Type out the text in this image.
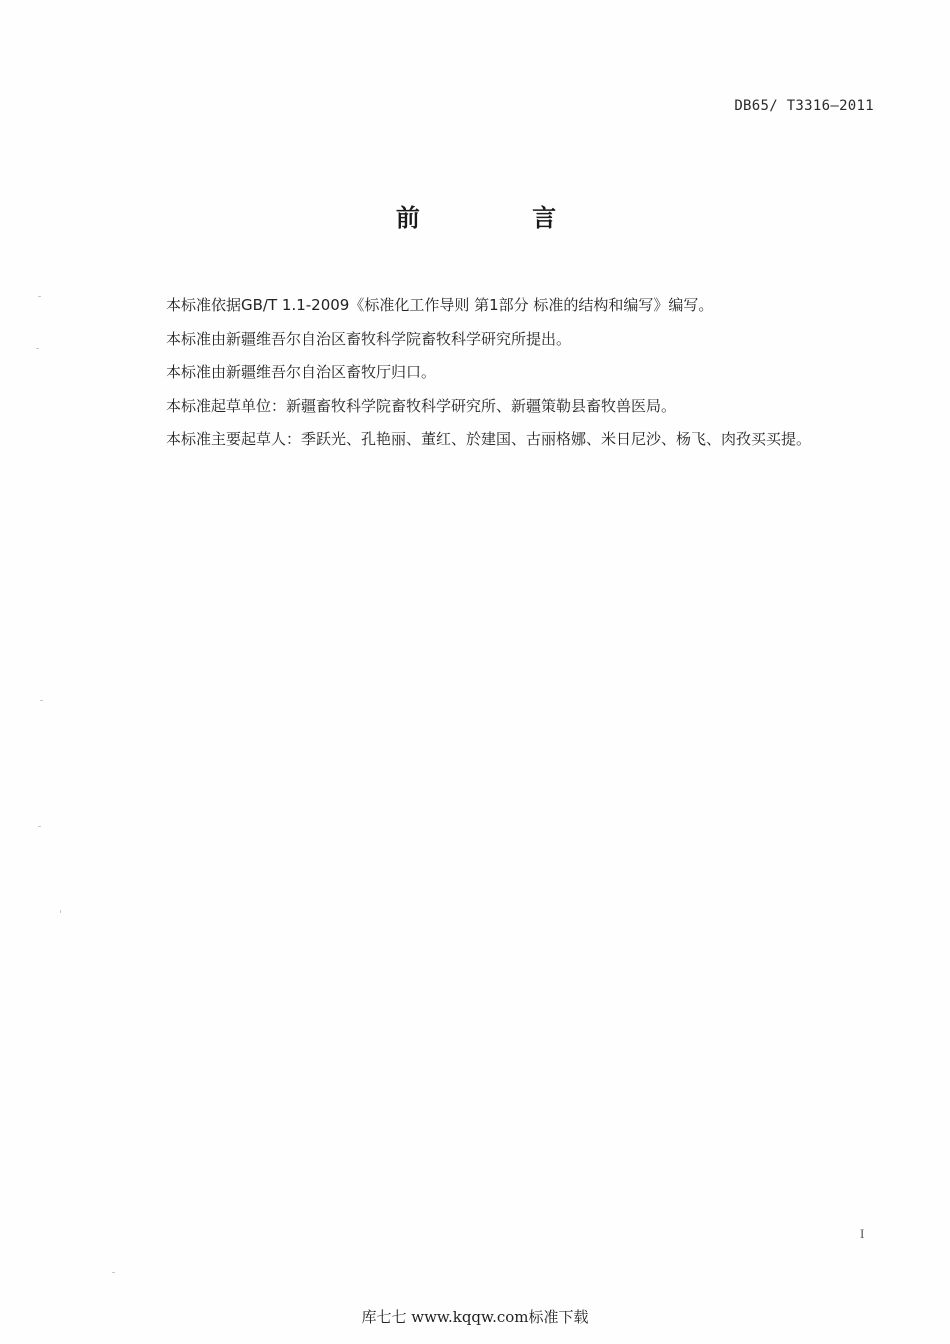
DB65/ T3316—2011
前 言
本标准依据GB/T 1.1-2009《标准化工作导则 第1部分 标准的结构和编写》编写。
本标准由新疆维吾尔自治区畜牧科学院畜牧科学研究所提出。
本标准由新疆维吾尔自治区畜牧厅归口。
本标准起草单位：新疆畜牧科学院畜牧科学研究所、新疆策勒县畜牧兽医局。
本标准主要起草人：季跃光、孔艳丽、董红、於建国、古丽格娜、米日尼沙、杨飞、肉孜买买提。
I
库七七 www.kqqw.com标准下载
